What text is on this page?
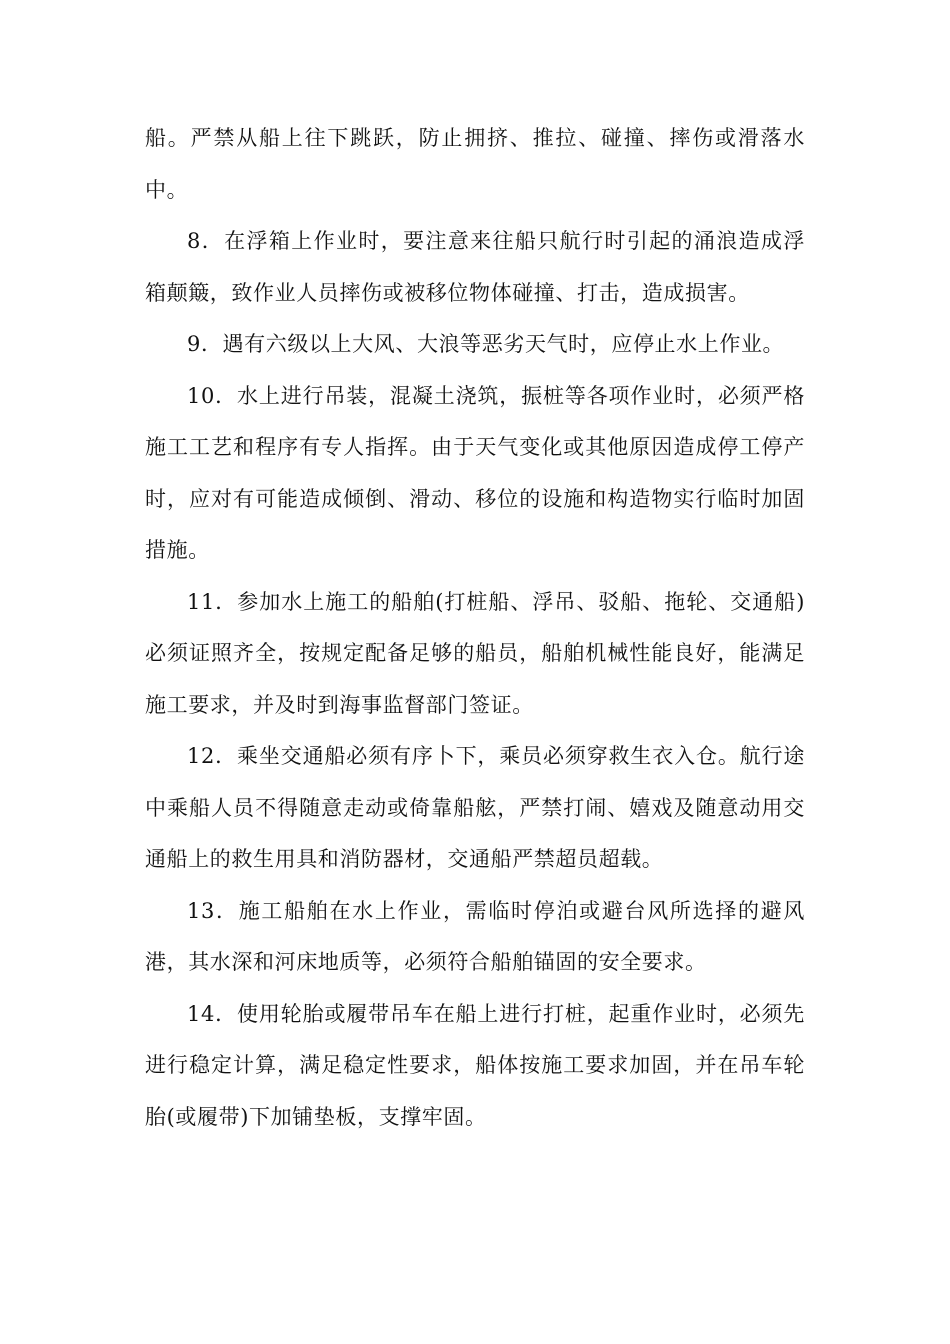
船。严禁从船上往下跳跃，防止拥挤、推拉、碰撞、摔伤或滑落水中。

8．在浮箱上作业时，要注意来往船只航行时引起的涌浪造成浮箱颠簸，致作业人员摔伤或被移位物体碰撞、打击，造成损害。

9．遇有六级以上大风、大浪等恶劣天气时，应停止水上作业。

10．水上进行吊装，混凝土浇筑，振桩等各项作业时，必须严格施工工艺和程序有专人指挥。由于天气变化或其他原因造成停工停产时，应对有可能造成倾倒、滑动、移位的设施和构造物实行临时加固措施。

11．参加水上施工的船舶(打桩船、浮吊、驳船、拖轮、交通船)必须证照齐全，按规定配备足够的船员，船舶机械性能良好，能满足施工要求，并及时到海事监督部门签证。

12．乘坐交通船必须有序卜下，乘员必须穿救生衣入仓。航行途中乘船人员不得随意走动或倚靠船舷，严禁打闹、嬉戏及随意动用交通船上的救生用具和消防器材，交通船严禁超员超载。

13．施工船舶在水上作业，需临时停泊或避台风所选择的避风港，其水深和河床地质等，必须符合船舶锚固的安全要求。

14．使用轮胎或履带吊车在船上进行打桩，起重作业时，必须先进行稳定计算，满足稳定性要求，船体按施工要求加固，并在吊车轮胎(或履带)下加铺垫板，支撑牢固。
